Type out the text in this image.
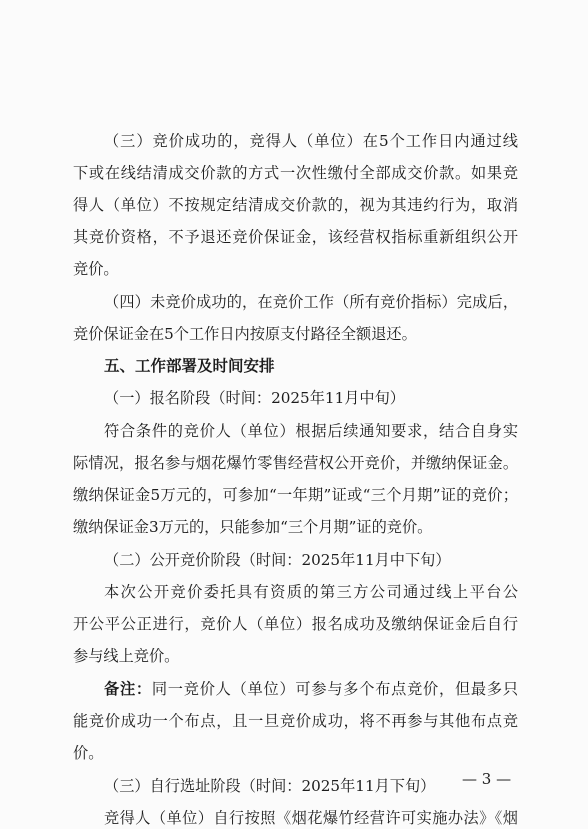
（三）竞价成功的，竞得人（单位）在5个工作日内通过线
下或在线结清成交价款的方式一次性缴付全部成交价款。如果竞
得人（单位）不按规定结清成交价款的，视为其违约行为，取消
其竞价资格，不予退还竞价保证金，该经营权指标重新组织公开
竞价。
（四）未竞价成功的，在竞价工作（所有竞价指标）完成后，
竞价保证金在5个工作日内按原支付路径全额退还。
五、工作部署及时间安排
（一）报名阶段（时间：2025年11月中旬）
符合条件的竞价人（单位）根据后续通知要求，结合自身实
际情况，报名参与烟花爆竹零售经营权公开竞价，并缴纳保证金。
缴纳保证金5万元的，可参加“一年期”证或“三个月期”证的竞价；
缴纳保证金3万元的，只能参加“三个月期”证的竞价。
（二）公开竞价阶段（时间：2025年11月中下旬）
本次公开竞价委托具有资质的第三方公司通过线上平台公
开公平公正进行，竞价人（单位）报名成功及缴纳保证金后自行
参与线上竞价。
备注：同一竞价人（单位）可参与多个布点竞价，但最多只
能竞价成功一个布点，且一旦竞价成功，将不再参与其他布点竞
价。
（三）自行选址阶段（时间：2025年11月下旬）
竞得人（单位）自行按照《烟花爆竹经营许可实施办法》《烟
— 3 —
